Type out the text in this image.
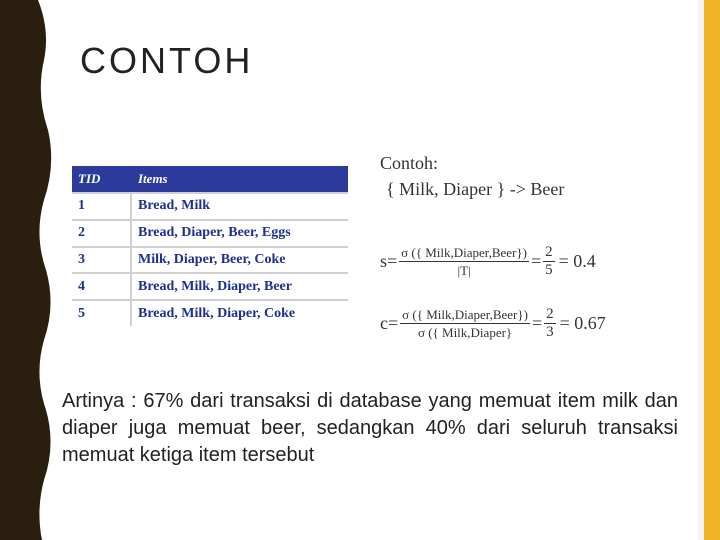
CONTOH
TID	Items
1	Bread, Milk
2	Bread, Diaper, Beer, Eggs
3	Milk, Diaper, Beer, Coke
4	Bread, Milk, Diaper, Beer
5	Bread, Milk, Diaper, Coke
Contoh:
{ Milk, Diaper } -> Beer
$s= \frac{\text{σ (\{ Milk,Diaper,Beer\})}}{|T|} = \frac{2}{5} = 0.4$
$c= \frac{\text{σ (\{ Milk,Diaper,Beer\})}}{\text{σ (\{ Milk,Diaper\}}} = \frac{2}{3} = 0.67$
Artinya : 67% dari transaksi di database yang memuat item milk dan diaper juga memuat beer, sedangkan 40% dari seluruh transaksi memuat ketiga item tersebut
